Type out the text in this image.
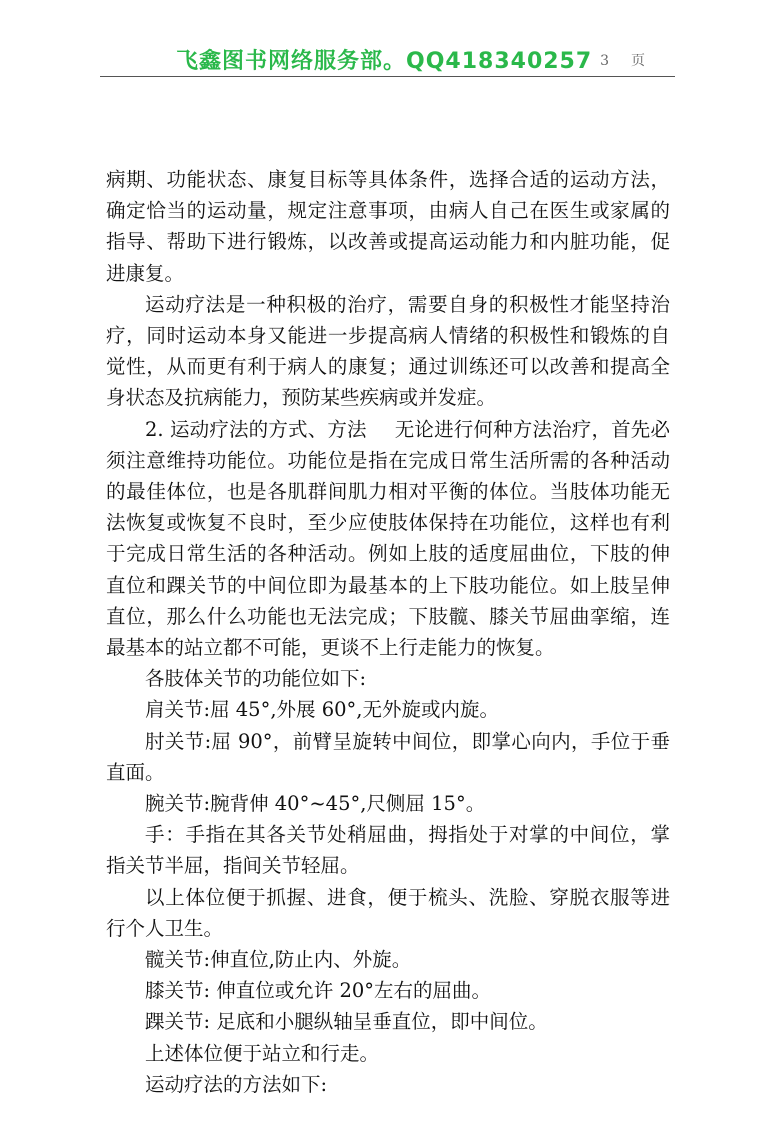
飞鑫图书网络服务部。QQ418340257 3 页

病期、功能状态、康复目标等具体条件，选择合适的运动方法，确定恰当的运动量，规定注意事项，由病人自己在医生或家属的指导、帮助下进行锻炼，以改善或提高运动能力和内脏功能，促进康复。

运动疗法是一种积极的治疗，需要自身的积极性才能坚持治疗，同时运动本身又能进一步提高病人情绪的积极性和锻炼的自觉性，从而更有利于病人的康复；通过训练还可以改善和提高全身状态及抗病能力，预防某些疾病或并发症。

2. 运动疗法的方式、方法 无论进行何种方法治疗，首先必须注意维持功能位。功能位是指在完成日常生活所需的各种活动的最佳体位，也是各肌群间肌力相对平衡的体位。当肢体功能无法恢复或恢复不良时，至少应使肢体保持在功能位，这样也有利于完成日常生活的各种活动。例如上肢的适度屈曲位，下肢的伸直位和踝关节的中间位即为最基本的上下肢功能位。如上肢呈伸直位，那么什么功能也无法完成；下肢髋、膝关节屈曲挛缩，连最基本的站立都不可能，更谈不上行走能力的恢复。

各肢体关节的功能位如下:

肩关节:屈 45°,外展 60°,无外旋或内旋。

肘关节:屈 90°，前臂呈旋转中间位，即掌心向内，手位于垂直面。

腕关节:腕背伸 40°~45°,尺侧屈 15°。

手：手指在其各关节处稍屈曲，拇指处于对掌的中间位，掌指关节半屈，指间关节轻屈。

以上体位便于抓握、进食，便于梳头、洗脸、穿脱衣服等进行个人卫生。

髋关节:伸直位,防止内、外旋。

膝关节: 伸直位或允许 20°左右的屈曲。

踝关节: 足底和小腿纵轴呈垂直位，即中间位。

上述体位便于站立和行走。

运动疗法的方法如下:
